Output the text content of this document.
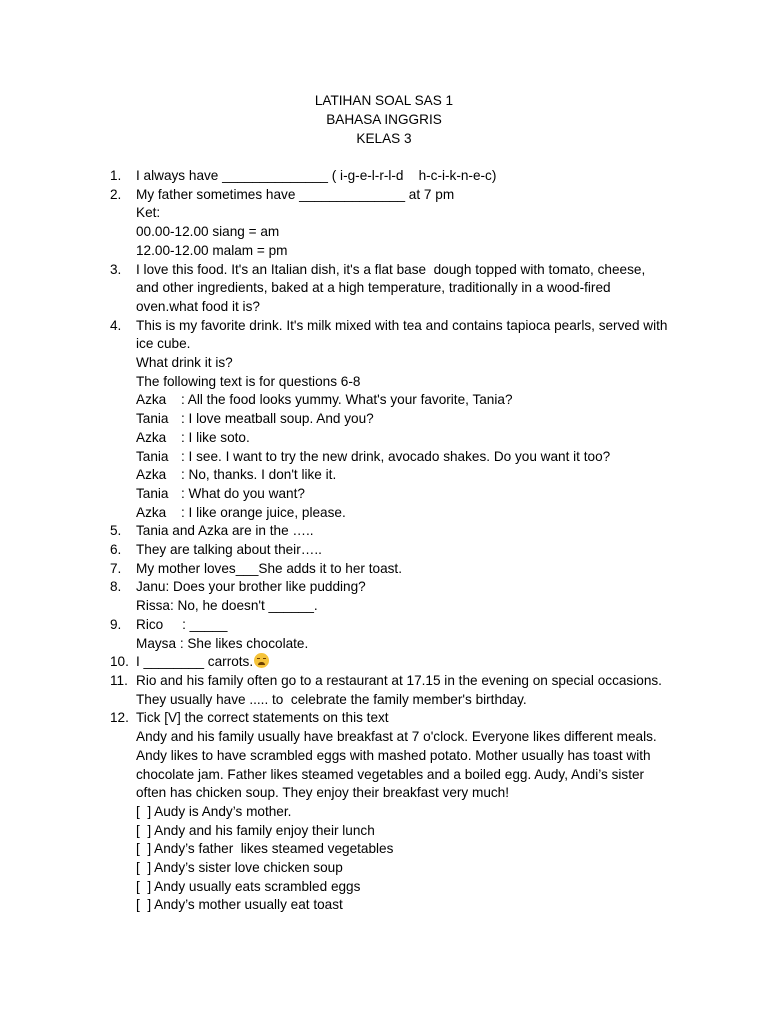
LATIHAN SOAL SAS 1
BAHASA INGGRIS
KELAS 3
1. I always have ______________ ( i-g-e-l-r-l-d    h-c-i-k-n-e-c)
2. My father sometimes have ______________ at 7 pm
Ket:
00.00-12.00 siang = am
12.00-12.00 malam = pm
3. I love this food. It's an Italian dish, it's a flat base  dough topped with tomato, cheese,
and other ingredients, baked at a high temperature, traditionally in a wood-fired
oven.what food it is?
4. This is my favorite drink. It's milk mixed with tea and contains tapioca pearls, served with
ice cube.
What drink it is?
The following text is for questions 6-8
Azka	: All the food looks yummy. What's your favorite, Tania?
Tania : I love meatball soup. And you?
Azka	: I like soto.
Tania : I see. I want to try the new drink, avocado shakes. Do you want it too?
Azka	: No, thanks. I don't like it.
Tania : What do you want?
Azka	: I like orange juice, please.
5. Tania and Azka are in the …..
6. They are talking about their…..
7. My mother loves___She adds it to her toast.
8. Janu: Does your brother like pudding?
Rissa: No, he doesn't ______.
9. Rico     : _____
Maysa : She likes chocolate.
10. I ________ carrots.
11. Rio and his family often go to a restaurant at 17.15 in the evening on special occasions.
They usually have ..... to  celebrate the family member's birthday.
12. Tick [V] the correct statements on this text
Andy and his family usually have breakfast at 7 o'clock. Everyone likes different meals.
Andy likes to have scrambled eggs with mashed potato. Mother usually has toast with
chocolate jam. Father likes steamed vegetables and a boiled egg. Audy, Andi’s sister
often has chicken soup. They enjoy their breakfast very much!
[  ] Audy is Andy’s mother.
[  ] Andy and his family enjoy their lunch
[  ] Andy’s father  likes steamed vegetables
[  ] Andy’s sister love chicken soup
[  ] Andy usually eats scrambled eggs
[  ] Andy’s mother usually eat toast
